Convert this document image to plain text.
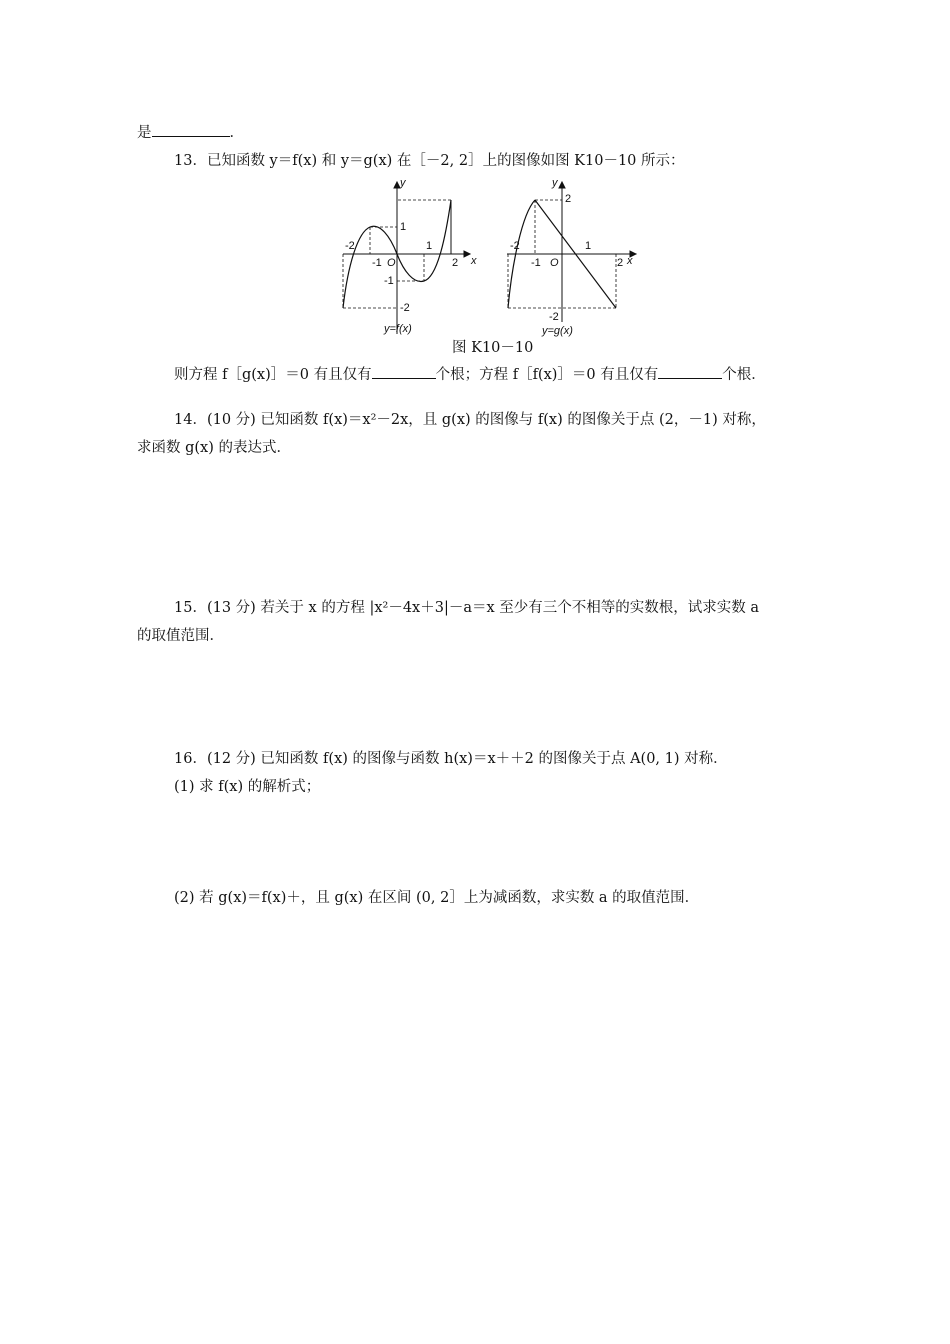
是	．
13．已知函数 y＝f(x) 和 y＝g(x) 在［－2, 2］上的图像如图 K10－10 所示：
y
x
O
-2
-1
1
2
1
-1
-2
y=f(x)
y
x
O
-2
-1
1
2
2
-2
y=g(x)
图 K10－10
则方程 f［g(x)］＝0 有且仅有	个根；方程 f［f(x)］＝0 有且仅有	个根．
14．(10 分) 已知函数 f(x)＝x²－2x，且 g(x) 的图像与 f(x) 的图像关于点 (2，－1) 对称，
求函数 g(x) 的表达式．
15．(13 分) 若关于 x 的方程 |x²－4x＋3|－a＝x 至少有三个不相等的实数根，试求实数 a
的取值范围．
16．(12 分) 已知函数 f(x) 的图像与函数 h(x)＝x＋＋2 的图像关于点 A(0, 1) 对称．
(1) 求 f(x) 的解析式；
(2) 若 g(x)＝f(x)＋，且 g(x) 在区间 (0, 2］上为减函数，求实数 a 的取值范围．
